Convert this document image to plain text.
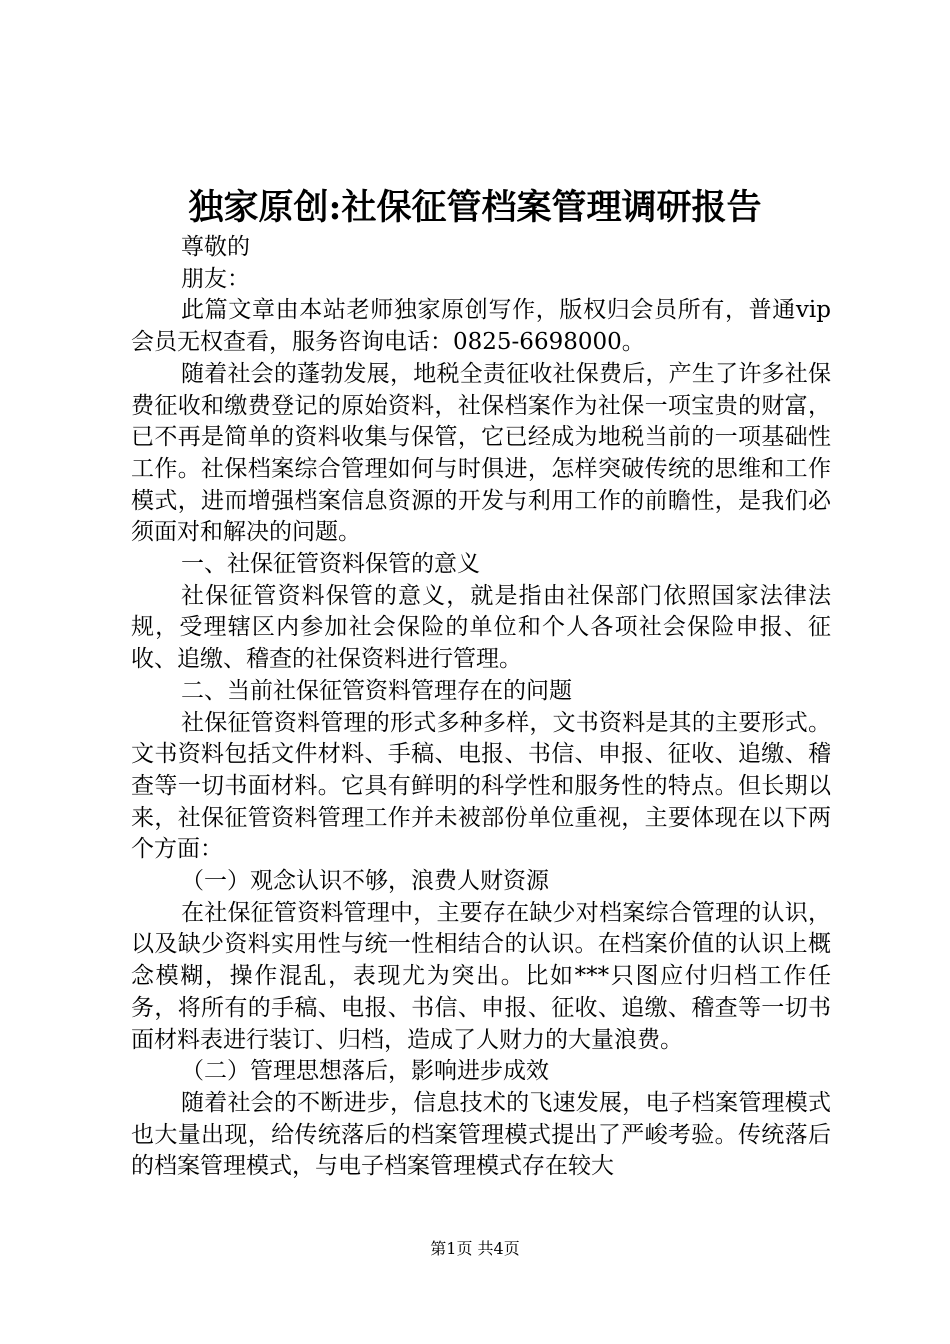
独家原创:社保征管档案管理调研报告

尊敬的

朋友：

此篇文章由本站老师独家原创写作，版权归会员所有，普通vip会员无权查看，服务咨询电话：0825-6698000。

随着社会的蓬勃发展，地税全责征收社保费后，产生了许多社保费征收和缴费登记的原始资料，社保档案作为社保一项宝贵的财富，已不再是简单的资料收集与保管，它已经成为地税当前的一项基础性工作。社保档案综合管理如何与时俱进，怎样突破传统的思维和工作模式，进而增强档案信息资源的开发与利用工作的前瞻性，是我们必须面对和解决的问题。

一、社保征管资料保管的意义

社保征管资料保管的意义，就是指由社保部门依照国家法律法规，受理辖区内参加社会保险的单位和个人各项社会保险申报、征收、追缴、稽查的社保资料进行管理。

二、当前社保征管资料管理存在的问题

社保征管资料管理的形式多种多样，文书资料是其的主要形式。文书资料包括文件材料、手稿、电报、书信、申报、征收、追缴、稽查等一切书面材料。它具有鲜明的科学性和服务性的特点。但长期以来，社保征管资料管理工作并未被部份单位重视，主要体现在以下两个方面：

（一）观念认识不够，浪费人财资源

在社保征管资料管理中，主要存在缺少对档案综合管理的认识，以及缺少资料实用性与统一性相结合的认识。在档案价值的认识上概念模糊，操作混乱，表现尤为突出。比如***只图应付归档工作任务，将所有的手稿、电报、书信、申报、征收、追缴、稽查等一切书面材料表进行装订、归档，造成了人财力的大量浪费。

（二）管理思想落后，影响进步成效

随着社会的不断进步，信息技术的飞速发展，电子档案管理模式也大量出现，给传统落后的档案管理模式提出了严峻考验。传统落后的档案管理模式，与电子档案管理模式存在较大

第1页 共4页
